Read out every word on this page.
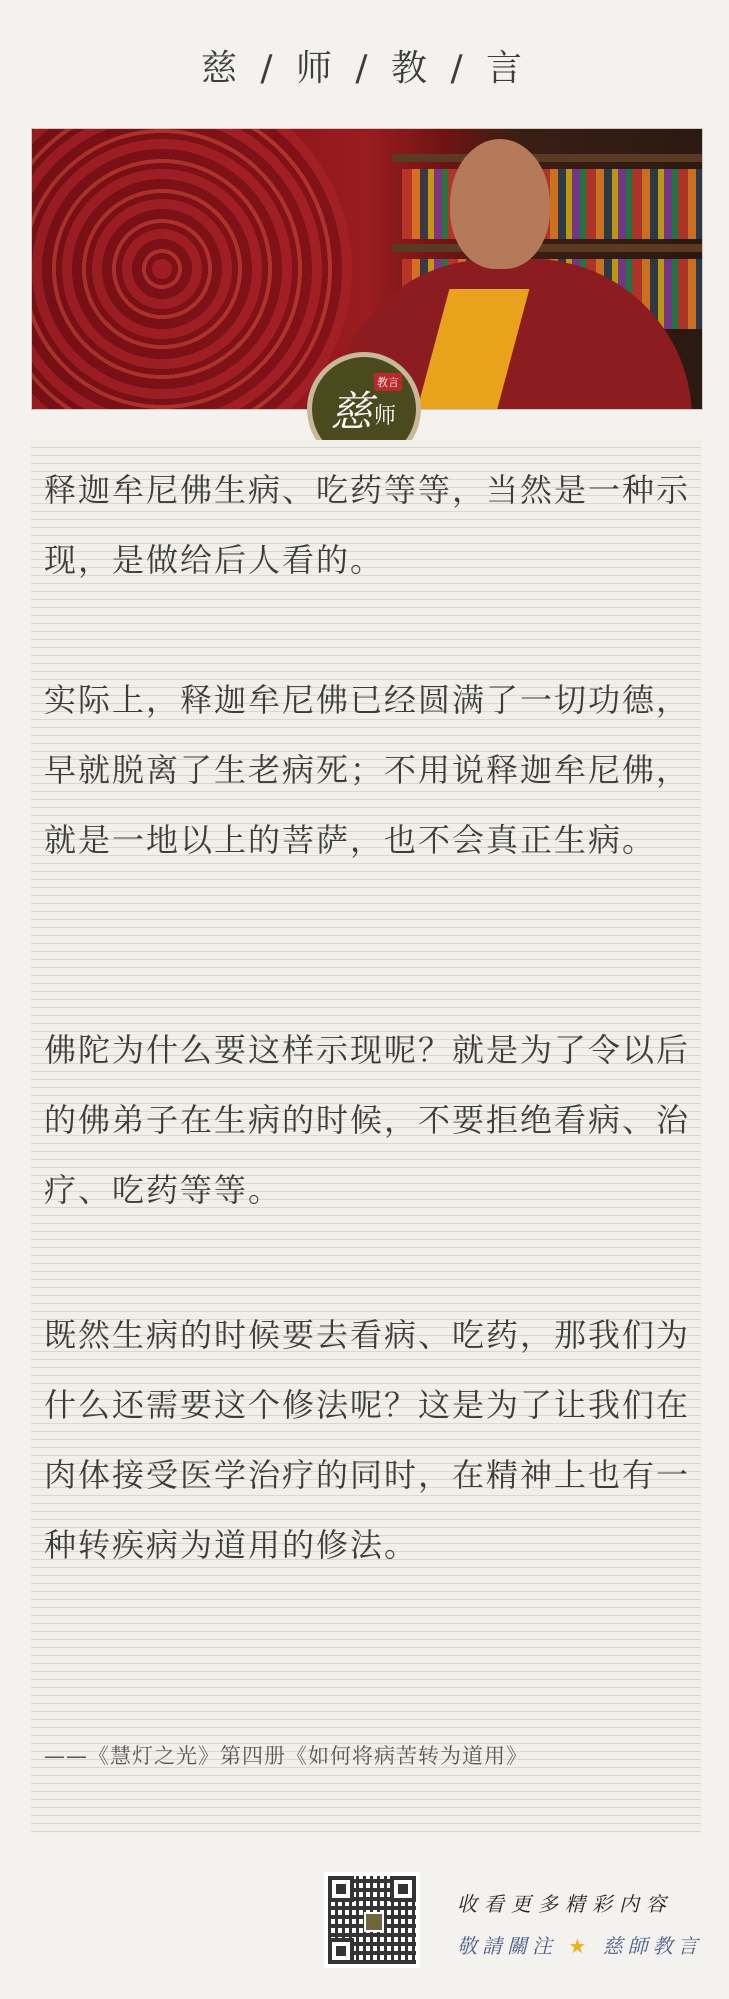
慈 / 师 / 教 / 言
慈
教言
师

释迦牟尼佛生病、吃药等等，当然是一种示现，是做给后人看的。

实际上，释迦牟尼佛已经圆满了一切功德，早就脱离了生老病死；不用说释迦牟尼佛，就是一地以上的菩萨，也不会真正生病。

佛陀为什么要这样示现呢？就是为了令以后的佛弟子在生病的时候，不要拒绝看病、治疗、吃药等等。

既然生病的时候要去看病、吃药，那我们为什么还需要这个修法呢？这是为了让我们在肉体接受医学治疗的同时，在精神上也有一种转疾病为道用的修法。

——《慧灯之光》第四册《如何将病苦转为道用》

收看更多精彩内容
敬請關注 ★ 慈師教言
